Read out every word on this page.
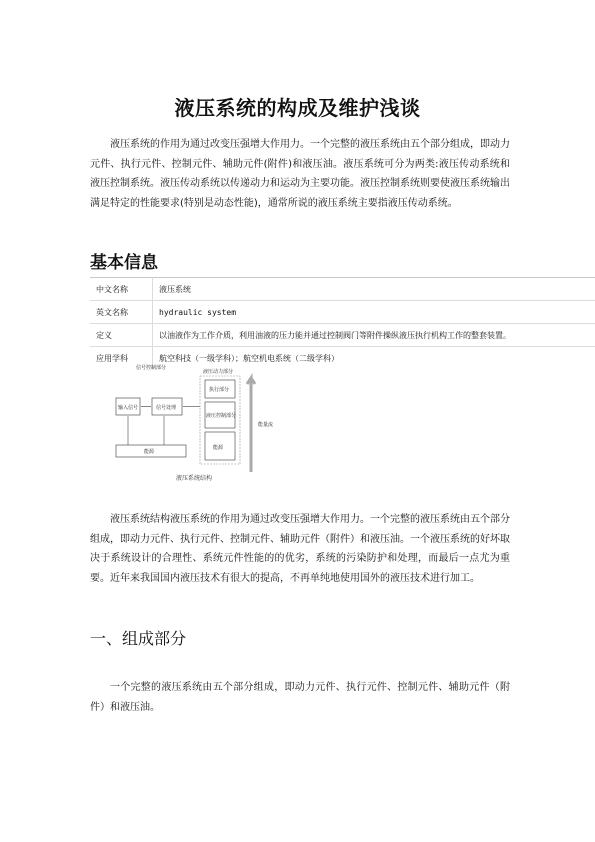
液压系统的构成及维护浅谈

液压系统的作用为通过改变压强增大作用力。一个完整的液压系统由五个部分组成，即动力元件、执行元件、控制元件、辅助元件(附件)和液压油。液压系统可分为两类:液压传动系统和液压控制系统。液压传动系统以传递动力和运动为主要功能。液压控制系统则要使液压系统输出满足特定的性能要求(特别是动态性能)，通常所说的液压系统主要指液压传动系统。

基本信息
中文名称	液压系统
英文名称	hydraulic system
定义	以油液作为工作介质，利用油液的压力能并通过控制阀门等附件操纵液压执行机构工作的整套装置。
应用学科	航空科技（一级学科）；航空机电系统（二级学科）
信号控制部分
液压动力部分
输入信号	信号处理
能源
执行部分
液压控制部分
能源
能量流
液压系统结构

液压系统结构液压系统的作用为通过改变压强增大作用力。一个完整的液压系统由五个部分组成，即动力元件、执行元件、控制元件、辅助元件（附件）和液压油。一个液压系统的好坏取决于系统设计的合理性、系统元件性能的的优劣，系统的污染防护和处理，而最后一点尤为重要。近年来我国国内液压技术有很大的提高，不再单纯地使用国外的液压技术进行加工。

一、组成部分

一个完整的液压系统由五个部分组成，即动力元件、执行元件、控制元件、辅助元件（附件）和液压油。
